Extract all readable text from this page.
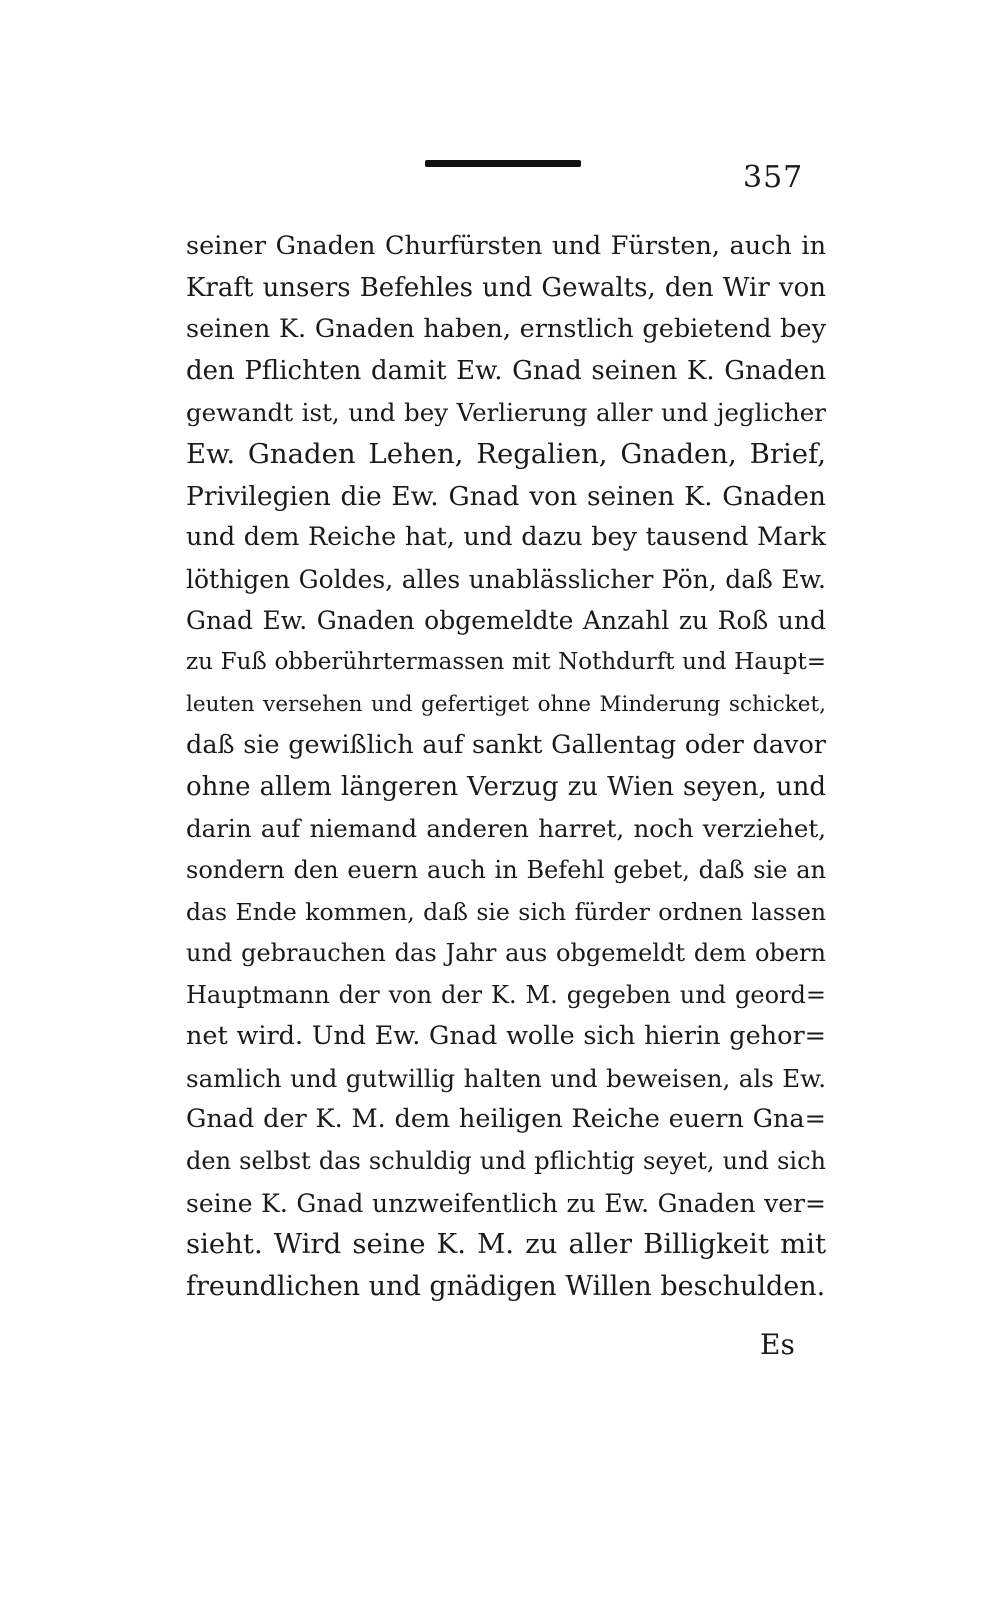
357
seiner Gnaden Churfürsten und Fürsten, auch in
Kraft unsers Befehles und Gewalts, den Wir von
seinen K. Gnaden haben, ernstlich gebietend bey
den Pflichten damit Ew. Gnad seinen K. Gnaden
gewandt ist, und bey Verlierung aller und jeglicher
Ew. Gnaden Lehen, Regalien, Gnaden, Brief,
Privilegien die Ew. Gnad von seinen K. Gnaden
und dem Reiche hat, und dazu bey tausend Mark
löthigen Goldes, alles unablässlicher Pön, daß Ew.
Gnad Ew. Gnaden obgemeldte Anzahl zu Roß und
zu Fuß obberührtermassen mit Nothdurft und Haupt=
leuten versehen und gefertiget ohne Minderung schicket,
daß sie gewißlich auf sankt Gallentag oder davor
ohne allem längeren Verzug zu Wien seyen, und
darin auf niemand anderen harret, noch verziehet,
sondern den euern auch in Befehl gebet, daß sie an
das Ende kommen, daß sie sich fürder ordnen lassen
und gebrauchen das Jahr aus obgemeldt dem obern
Hauptmann der von der K. M. gegeben und geord=
net wird. Und Ew. Gnad wolle sich hierin gehor=
samlich und gutwillig halten und beweisen, als Ew.
Gnad der K. M. dem heiligen Reiche euern Gna=
den selbst das schuldig und pflichtig seyet, und sich
seine K. Gnad unzweifentlich zu Ew. Gnaden ver=
sieht. Wird seine K. M. zu aller Billigkeit mit
freundlichen und gnädigen Willen beschulden.
Es
